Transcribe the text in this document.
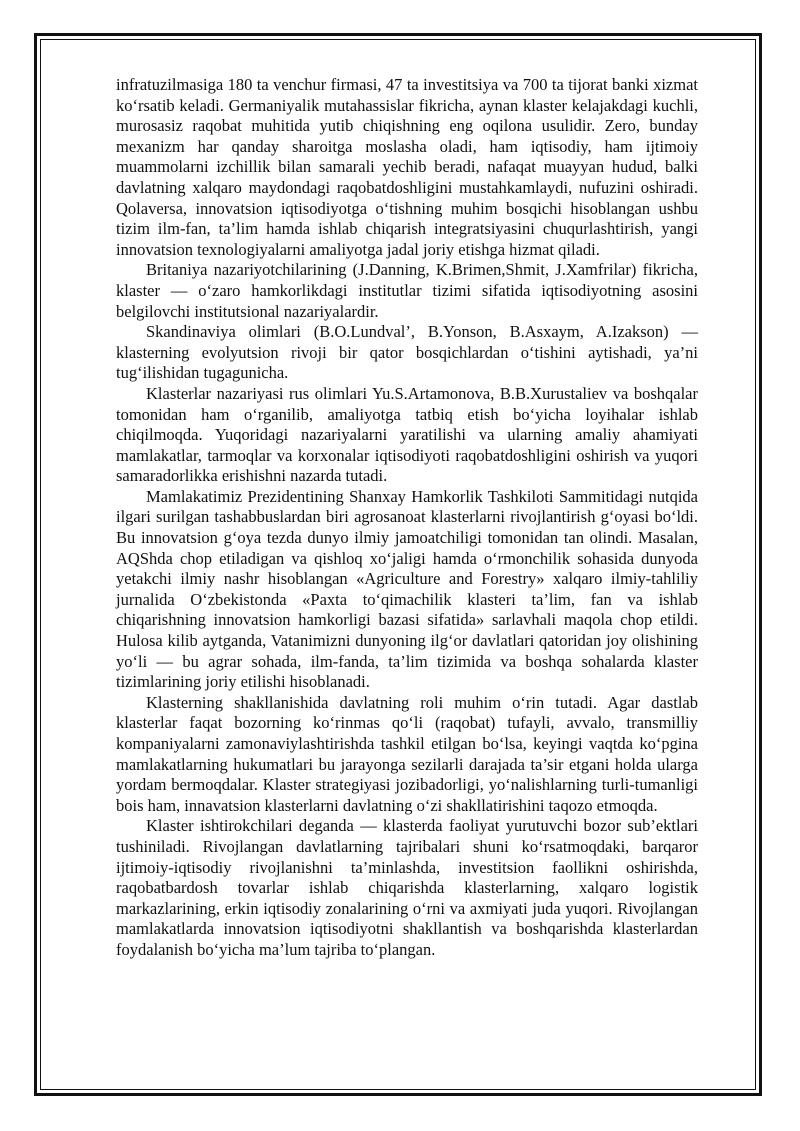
infratuzilmasiga 180 ta venchur firmasi, 47 ta investitsiya va 700 ta tijorat banki xizmat ko‘rsatib keladi. Germaniyalik mutahassislar fikricha, aynan klaster kelajakdagi kuchli, murosasiz raqobat muhitida yutib chiqishning eng oqilona usulidir. Zero, bunday mexanizm har qanday sharoitga moslasha oladi, ham iqtisodiy, ham ijtimoiy muammolarni izchillik bilan samarali yechib beradi, nafaqat muayyan hudud, balki davlatning xalqaro maydondagi raqobatdoshligini mustahkamlaydi, nufuzini oshiradi. Qolaversa, innovatsion iqtisodiyotga o‘tishning muhim bosqichi hisoblangan ushbu tizim ilm-fan, ta’lim hamda ishlab chiqarish integratsiyasini chuqurlashtirish, yangi innovatsion texnologiyalarni amaliyotga jadal joriy etishga hizmat qiladi.

Britaniya nazariyotchilarining (J.Danning, K.Brimen,Shmit, J.Xamfrilar) fikricha, klaster — o‘zaro hamkorlikdagi institutlar tizimi sifatida iqtisodiyotning asosini belgilovchi institutsional nazariyalardir.

Skandinaviya olimlari (B.O.Lundval’, B.Yonson, B.Asxaym, A.Izakson) — klasterning evolyutsion rivoji bir qator bosqichlardan o‘tishini aytishadi, ya’ni tug‘ilishidan tugagunicha.

Klasterlar nazariyasi rus olimlari Yu.S.Artamonova, B.B.Xurustaliev va boshqalar tomonidan ham o‘rganilib, amaliyotga tatbiq etish bo‘yicha loyihalar ishlab chiqilmoqda. Yuqoridagi nazariyalarni yaratilishi va ularning amaliy ahamiyati mamlakatlar, tarmoqlar va korxonalar iqtisodiyoti raqobatdoshligini oshirish va yuqori samaradorlikka erishishni nazarda tutadi.

Mamlakatimiz Prezidentining Shanxay Hamkorlik Tashkiloti Sammitidagi nutqida ilgari surilgan tashabbuslardan biri agrosanoat klasterlarni rivojlantirish g‘oyasi bo‘ldi. Bu innovatsion g‘oya tezda dunyo ilmiy jamoatchiligi tomonidan tan olindi. Masalan, AQShda chop etiladigan va qishloq xo‘jaligi hamda o‘rmonchilik sohasida dunyoda yetakchi ilmiy nashr hisoblangan «Agriculture and Forestry» xalqaro ilmiy-tahliliy jurnalida O‘zbekistonda «Paxta to‘qimachilik klasteri ta’lim, fan va ishlab chiqarishning innovatsion hamkorligi bazasi sifatida» sarlavhali maqola chop etildi. Hulosa kilib aytganda, Vatanimizni dunyoning ilg‘or davlatlari qatoridan joy olishining yo‘li — bu agrar sohada, ilm-fanda, ta’lim tizimida va boshqa sohalarda klaster tizimlarining joriy etilishi hisoblanadi.

Klasterning shakllanishida davlatning roli muhim o‘rin tutadi. Agar dastlab klasterlar faqat bozorning ko‘rinmas qo‘li (raqobat) tufayli, avvalo, transmilliy kompaniyalarni zamonaviylashtirishda tashkil etilgan bo‘lsa, keyingi vaqtda ko‘pgina mamlakatlarning hukumatlari bu jarayonga sezilarli darajada ta’sir etgani holda ularga yordam bermoqdalar. Klaster strategiyasi jozibadorligi, yo‘nalishlarning turli-tumanligi bois ham, innavatsion klasterlarni davlatning o‘zi shakllatirishini taqozo etmoqda.

Klaster ishtirokchilari deganda — klasterda faoliyat yurutuvchi bozor sub’ektlari tushiniladi. Rivojlangan davlatlarning tajribalari shuni ko‘rsatmoqdaki, barqaror ijtimoiy-iqtisodiy rivojlanishni ta’minlashda, investitsion faollikni oshirishda, raqobatbardosh tovarlar ishlab chiqarishda klasterlarning, xalqaro logistik markazlarining, erkin iqtisodiy zonalarining o‘rni va axmiyati juda yuqori. Rivojlangan mamlakatlarda innovatsion iqtisodiyotni shakllantish va boshqarishda klasterlardan foydalanish bo‘yicha ma’lum tajriba to‘plangan.
